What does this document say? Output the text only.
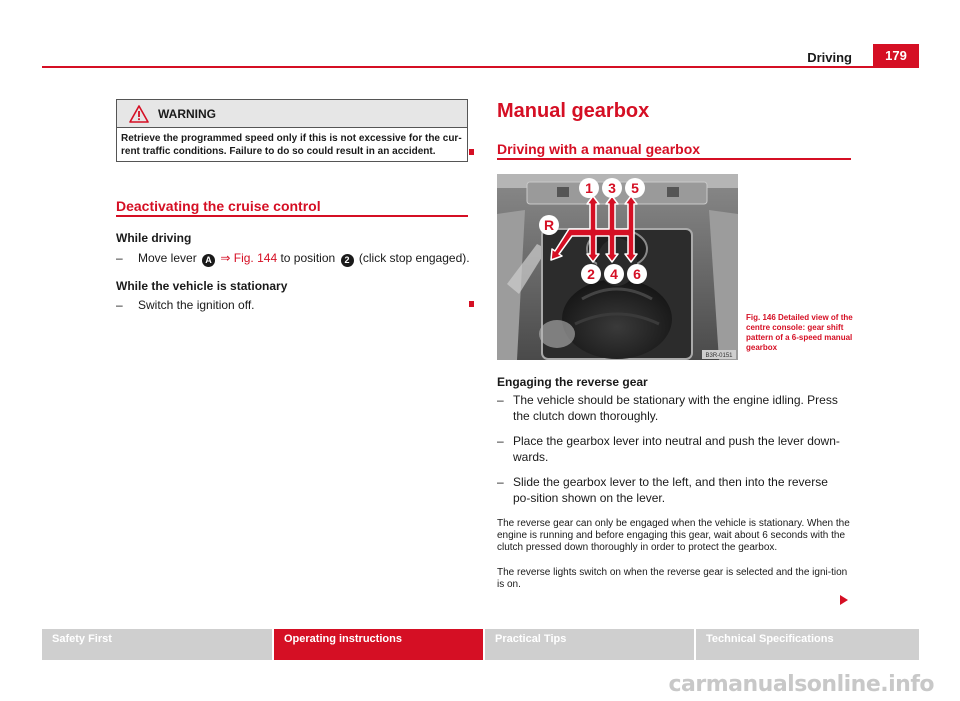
Driving	179
WARNING
Retrieve the programmed speed only if this is not excessive for the cur-rent traffic conditions. Failure to do so could result in an accident.
Deactivating the cruise control
While driving
– Move lever A ⇒ Fig. 144 to position 2 (click stop engaged).
While the vehicle is stationary
– Switch the ignition off.
Manual gearbox
Driving with a manual gearbox
1 3 5
R
2 4 6
B3R-0151
Fig. 146 Detailed view of the centre console: gear shift pattern of a 6-speed manual gearbox
Engaging the reverse gear
– The vehicle should be stationary with the engine idling. Press the clutch down thoroughly.
– Place the gearbox lever into neutral and push the lever down-wards.
– Slide the gearbox lever to the left, and then into the reverse po-sition shown on the lever.
The reverse gear can only be engaged when the vehicle is stationary. When the engine is running and before engaging this gear, wait about 6 seconds with the clutch pressed down thoroughly in order to protect the gearbox.
The reverse lights switch on when the reverse gear is selected and the igni-tion is on.
Safety First	Operating instructions	Practical Tips	Technical Specifications
carmanualsonline.info
